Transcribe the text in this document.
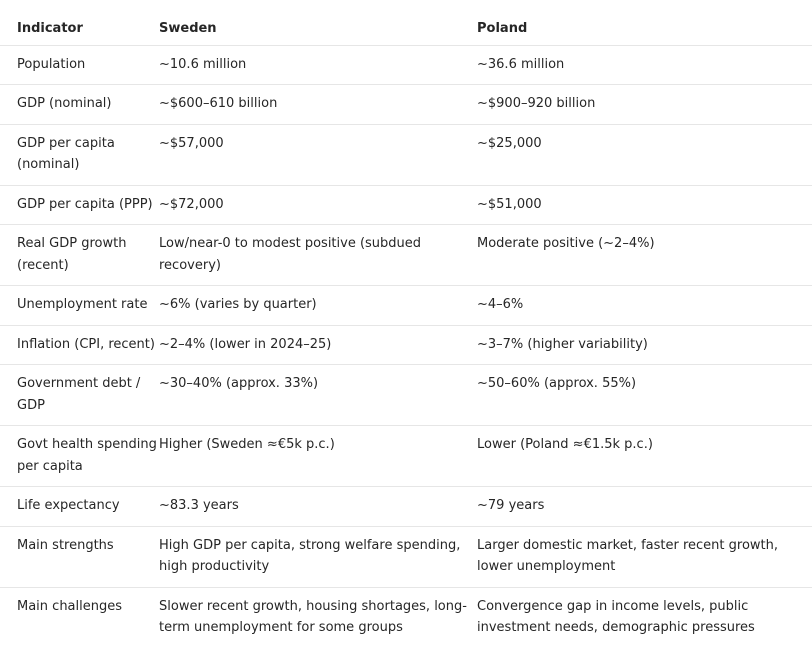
Indicator	Sweden	Poland
Population	~10.6 million	~36.6 million
GDP (nominal)	~$600–610 billion	~$900–920 billion
GDP per capita (nominal)	~$57,000	~$25,000
GDP per capita (PPP)	~$72,000	~$51,000
Real GDP growth (recent)	Low/near-0 to modest positive (subdued recovery)	Moderate positive (~2–4%)
Unemployment rate	~6% (varies by quarter)	~4–6%
Inflation (CPI, recent)	~2–4% (lower in 2024–25)	~3–7% (higher variability)
Government debt / GDP	~30–40% (approx. 33%)	~50–60% (approx. 55%)
Govt health spending per capita	Higher (Sweden ≈€5k p.c.)	Lower (Poland ≈€1.5k p.c.)
Life expectancy	~83.3 years	~79 years
Main strengths	High GDP per capita, strong welfare spending, high productivity	Larger domestic market, faster recent growth, lower unemployment
Main challenges	Slower recent growth, housing shortages, long-term unemployment for some groups	Convergence gap in income levels, public investment needs, demographic pressures
